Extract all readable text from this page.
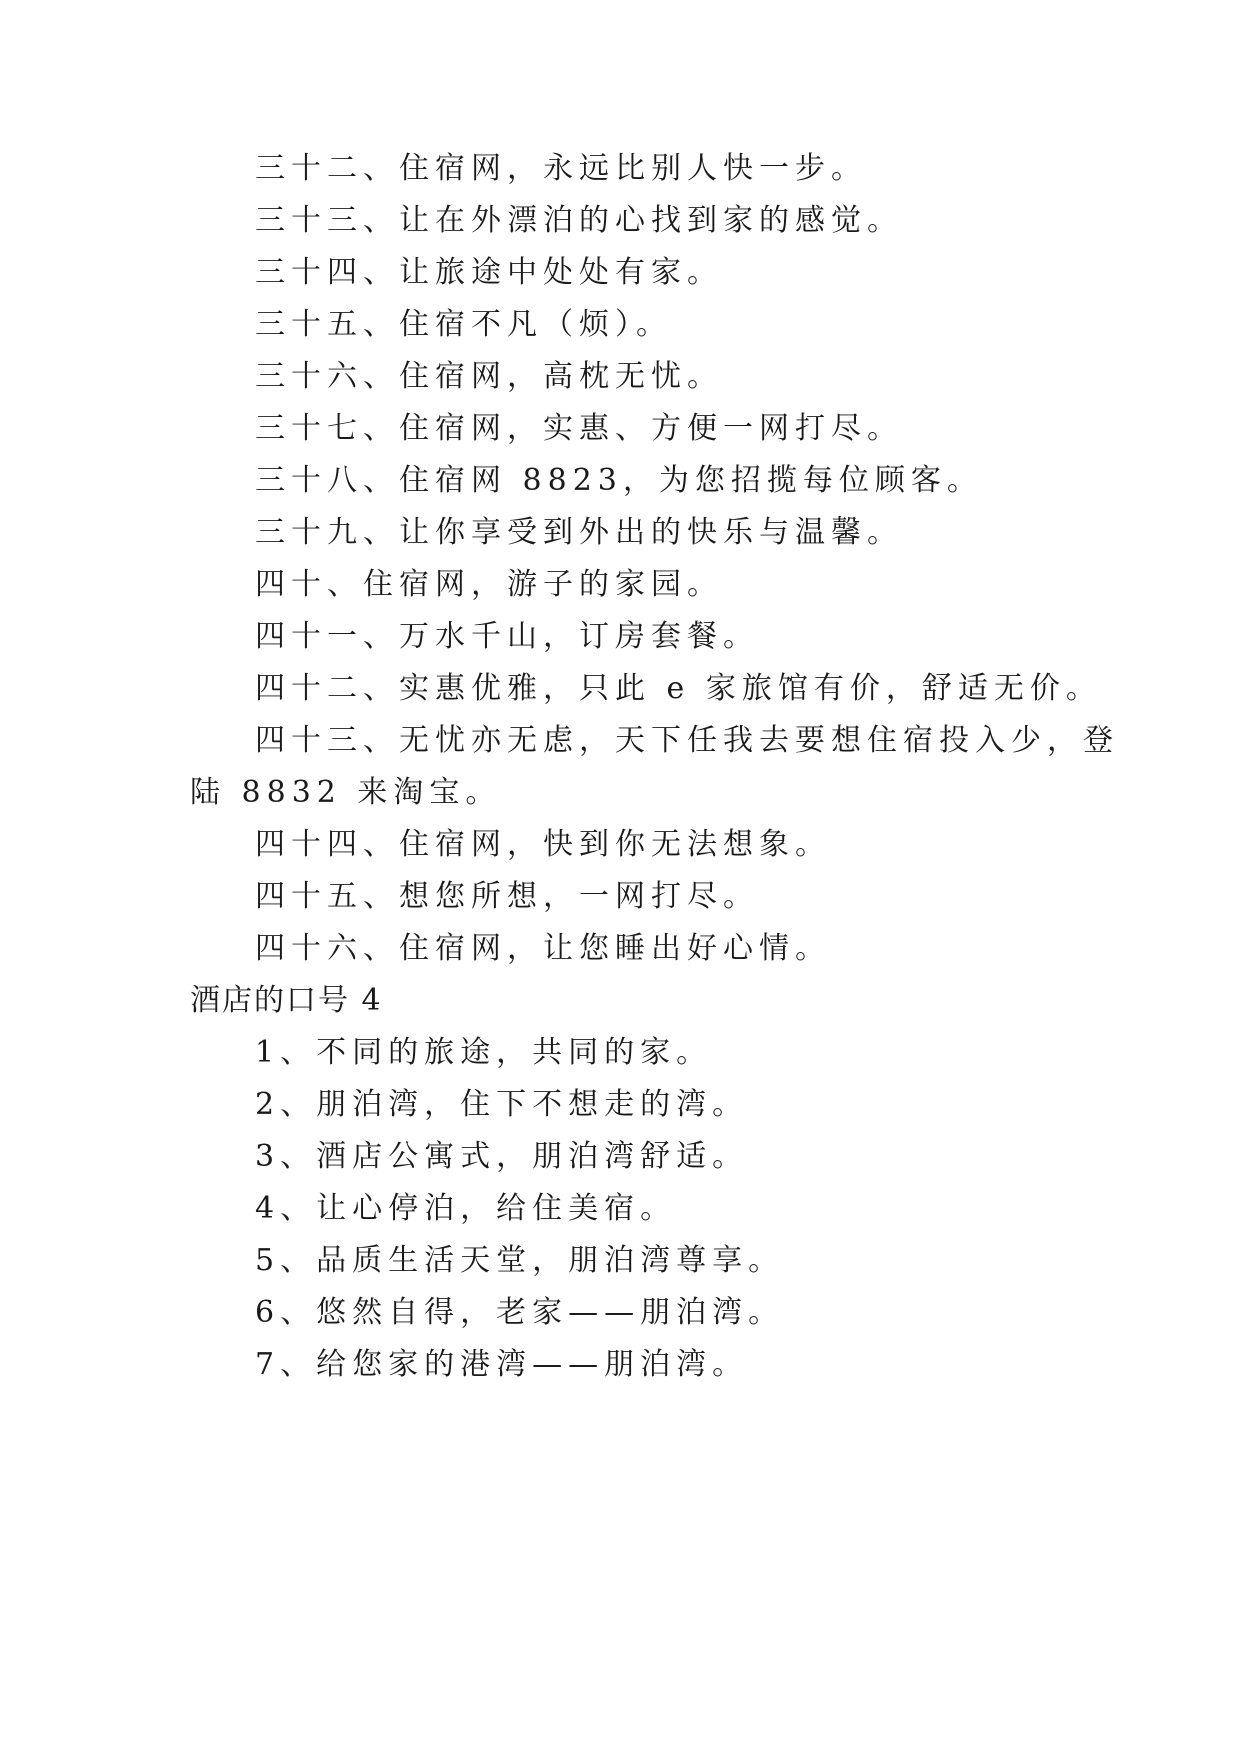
三十二、住宿网，永远比别人快一步。
三十三、让在外漂泊的心找到家的感觉。
三十四、让旅途中处处有家。
三十五、住宿不凡（烦）。
三十六、住宿网，高枕无忧。
三十七、住宿网，实惠、方便一网打尽。
三十八、住宿网 8823，为您招揽每位顾客。
三十九、让你享受到外出的快乐与温馨。
四十、住宿网，游子的家园。
四十一、万水千山，订房套餐。
四十二、实惠优雅，只此 e 家旅馆有价，舒适无价。
四十三、无忧亦无虑，天下任我去要想住宿投入少，登
陆 8832 来淘宝。
四十四、住宿网，快到你无法想象。
四十五、想您所想，一网打尽。
四十六、住宿网，让您睡出好心情。
酒店的口号 4
1、不同的旅途，共同的家。
2、朋泊湾，住下不想走的湾。
3、酒店公寓式，朋泊湾舒适。
4、让心停泊，给住美宿。
5、品质生活天堂，朋泊湾尊享。
6、悠然自得，老家——朋泊湾。
7、给您家的港湾——朋泊湾。
